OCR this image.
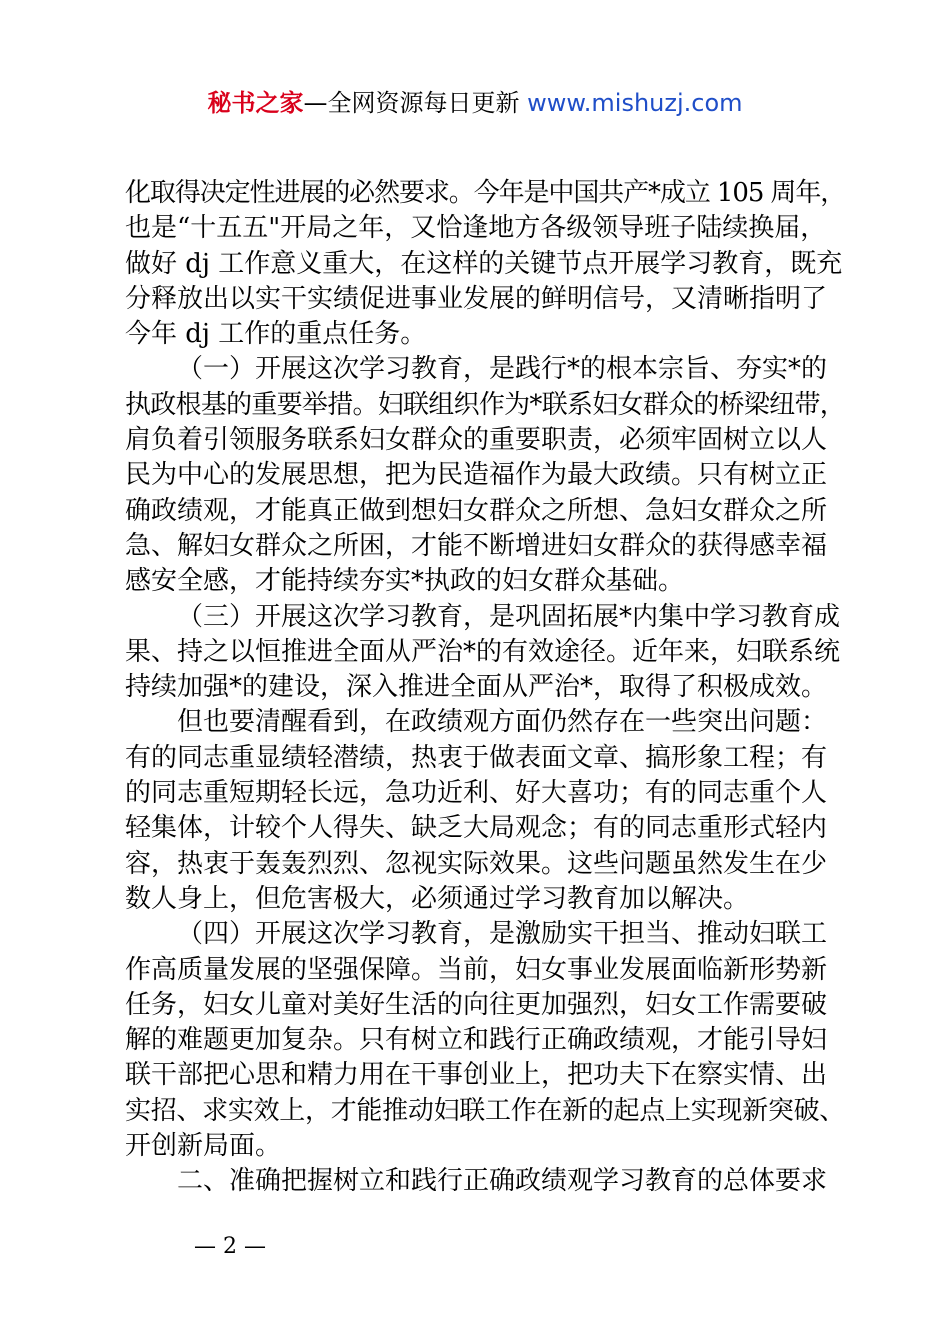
秘书之家—全网资源每日更新 www.mishuzj.com
化取得决定性进展的必然要求。今年是中国共产*成立 105 周年，
也是“十五五"开局之年，又恰逢地方各级领导班子陆续换届，
做好 dj 工作意义重大，在这样的关键节点开展学习教育，既充
分释放出以实干实绩促进事业发展的鲜明信号，又清晰指明了
今年 dj 工作的重点任务。
（一）开展这次学习教育，是践行*的根本宗旨、夯实*的
执政根基的重要举措。妇联组织作为*联系妇女群众的桥梁纽带，
肩负着引领服务联系妇女群众的重要职责，必须牢固树立以人
民为中心的发展思想，把为民造福作为最大政绩。只有树立正
确政绩观，才能真正做到想妇女群众之所想、急妇女群众之所
急、解妇女群众之所困，才能不断增进妇女群众的获得感幸福
感安全感，才能持续夯实*执政的妇女群众基础。
（三）开展这次学习教育，是巩固拓展*内集中学习教育成
果、持之以恒推进全面从严治*的有效途径。近年来，妇联系统
持续加强*的建设，深入推进全面从严治*，取得了积极成效。
但也要清醒看到，在政绩观方面仍然存在一些突出问题：
有的同志重显绩轻潜绩，热衷于做表面文章、搞形象工程；有
的同志重短期轻长远，急功近利、好大喜功；有的同志重个人
轻集体，计较个人得失、缺乏大局观念；有的同志重形式轻内
容，热衷于轰轰烈烈、忽视实际效果。这些问题虽然发生在少
数人身上，但危害极大，必须通过学习教育加以解决。
（四）开展这次学习教育，是激励实干担当、推动妇联工
作高质量发展的坚强保障。当前，妇女事业发展面临新形势新
任务，妇女儿童对美好生活的向往更加强烈，妇女工作需要破
解的难题更加复杂。只有树立和践行正确政绩观，才能引导妇
联干部把心思和精力用在干事创业上，把功夫下在察实情、出
实招、求实效上，才能推动妇联工作在新的起点上实现新突破、
开创新局面。
二、准确把握树立和践行正确政绩观学习教育的总体要求
— 2 —
